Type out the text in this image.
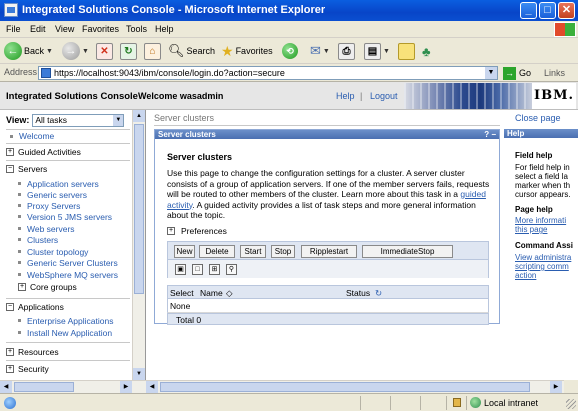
Integrated Solutions Console - Microsoft Internet Explorer	_	□	✕
File Edit View Favorites Tools Help
← Back ▼	→ ▼	✕	↻	⌂ 🔍︎ Search ★ Favorites	⟲	✉ ▼	⎙	▤ ▼ ♣
Address https://localhost:9043/ibm/console/login.do?action=secure	▼ → Go Links
Integrated Solutions Console Welcome wasadmin	Help | Logout	IBM.
View: All tasks	▼
Welcome
+ Guided Activities
− Servers
Application servers
Generic servers
Proxy Servers
Version 5 JMS servers
Web servers
Clusters
Cluster topology
Generic Server Clusters
WebSphere MQ servers
+ Core groups
− Applications
Enterprise Applications
Install New Application
+ Resources
+ Security
▲
▼
Server clusters	Close page
Server clusters	? −
Server clusters
Use this page to change the configuration settings for a cluster. A server cluster consists of a group of application servers. If one of the member servers fails, requests will be routed to other members of the cluster. Learn more about this task in a guided activity. A guided activity provides a list of task steps and more general information about the topic.
+ Preferences
New	Delete	Start	Stop	Ripplestart	ImmediateStop
▣	□	⊞	⚲
Select Name ◇	Status ↻
None
Total 0
Help
Field help
For field help in
select a field la
marker when th
cursor appears.
Page help
More informati
this page
Command Assi
View administra
scripting comm
action
◀	▶	◀	▶
Local intranet
